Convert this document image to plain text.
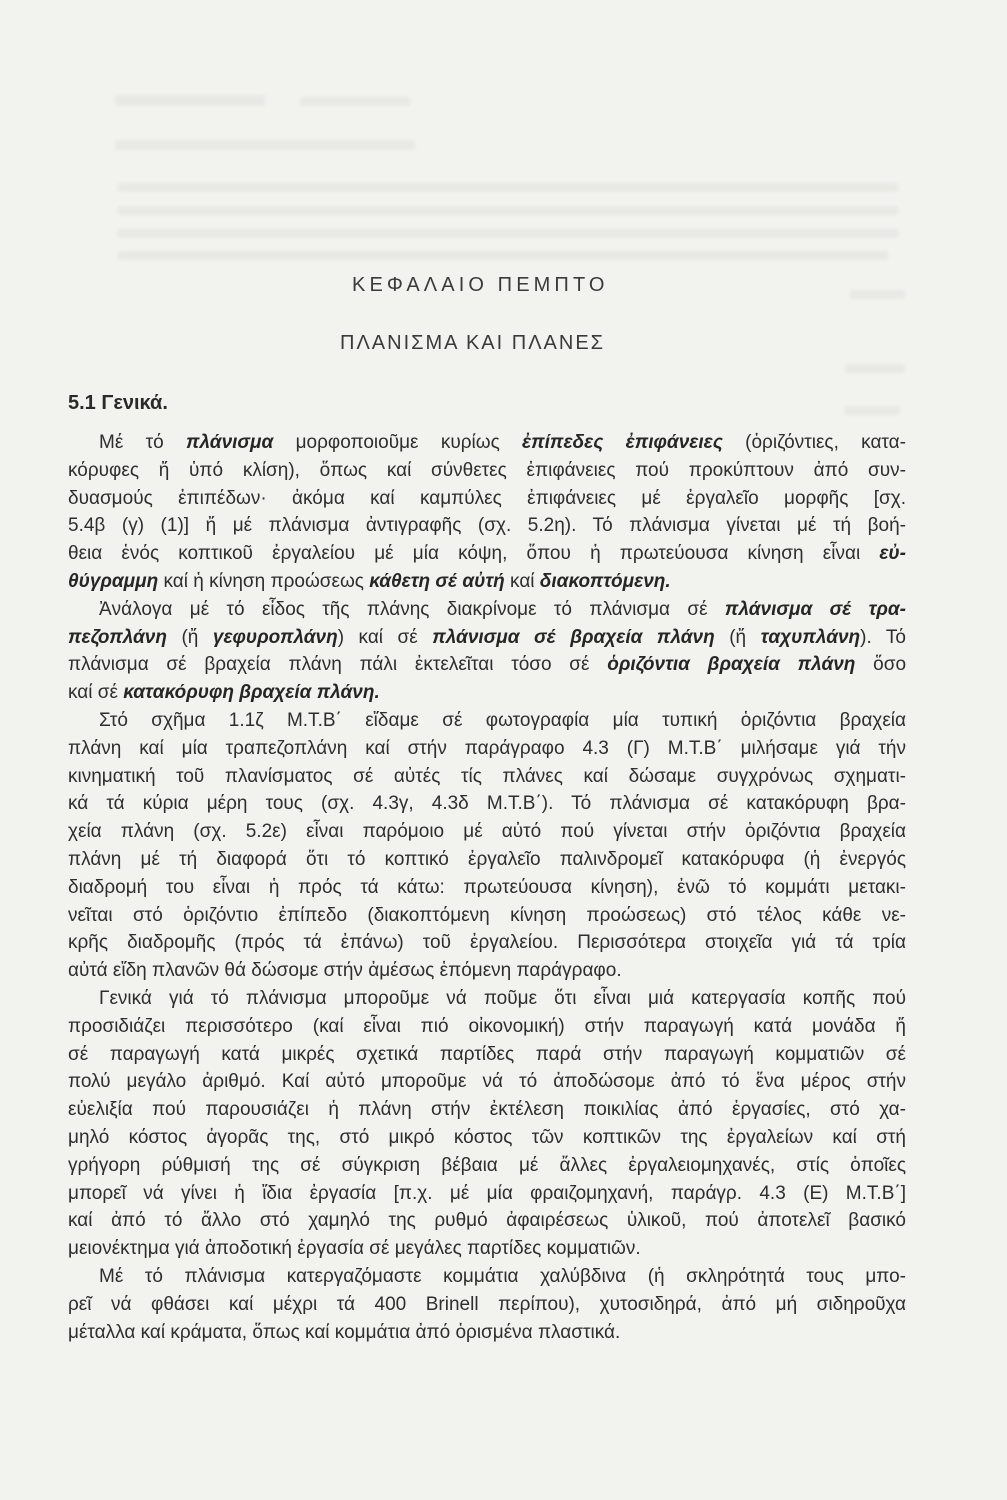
ΚΕΦΑΛΑΙΟ ΠΕΜΠΤΟ
ΠΛΑΝΙΣΜΑ ΚΑΙ ΠΛΑΝΕΣ
5.1 Γενικά.
Μέ τό πλάνισμα μορφοποιοῦμε κυρίως ἐπίπεδες ἐπιφάνειες (ὁριζόντιες, κατα-
κόρυφες ἤ ὑπό κλίση), ὅπως καί σύνθετες ἐπιφάνειες πού προκύπτουν ἀπό συν-
δυασμούς ἐπιπέδων· ἀκόμα καί καμπύλες ἐπιφάνειες μέ ἐργαλεῖο μορφῆς [σχ.
5.4β (γ) (1)] ἤ μέ πλάνισμα ἀντιγραφῆς (σχ. 5.2η). Τό πλάνισμα γίνεται μέ τή βοή-
θεια ἑνός κοπτικοῦ ἐργαλείου μέ μία κόψη, ὅπου ἡ πρωτεύουσα κίνηση εἶναι εὐ-
θύγραμμη καί ἡ κίνηση προώσεως κάθετη σέ αὐτή καί διακοπτόμενη.
Ἀνάλογα μέ τό εἶδος τῆς πλάνης διακρίνομε τό πλάνισμα σέ πλάνισμα σέ τρα-
πεζοπλάνη (ἤ γεφυροπλάνη) καί σέ πλάνισμα σέ βραχεία πλάνη (ἤ ταχυπλάνη). Τό
πλάνισμα σέ βραχεία πλάνη πάλι ἐκτελεῖται τόσο σέ ὁριζόντια βραχεία πλάνη ὅσο
καί σέ κατακόρυφη βραχεία πλάνη.
Στό σχῆμα 1.1ζ Μ.Τ.Β΄ εἴδαμε σέ φωτογραφία μία τυπική ὁριζόντια βραχεία
πλάνη καί μία τραπεζοπλάνη καί στήν παράγραφο 4.3 (Γ) Μ.Τ.Β΄ μιλήσαμε γιά τήν
κινηματική τοῦ πλανίσματος σέ αὐτές τίς πλάνες καί δώσαμε συγχρόνως σχηματι-
κά τά κύρια μέρη τους (σχ. 4.3γ, 4.3δ Μ.Τ.Β΄). Τό πλάνισμα σέ κατακόρυφη βρα-
χεία πλάνη (σχ. 5.2ε) εἶναι παρόμοιο μέ αὐτό πού γίνεται στήν ὁριζόντια βραχεία
πλάνη μέ τή διαφορά ὅτι τό κοπτικό ἐργαλεῖο παλινδρομεῖ κατακόρυφα (ἡ ἐνεργός
διαδρομή του εἶναι ἡ πρός τά κάτω: πρωτεύουσα κίνηση), ἐνῶ τό κομμάτι μετακι-
νεῖται στό ὁριζόντιο ἐπίπεδο (διακοπτόμενη κίνηση προώσεως) στό τέλος κάθε νε-
κρῆς διαδρομῆς (πρός τά ἐπάνω) τοῦ ἐργαλείου. Περισσότερα στοιχεῖα γιά τά τρία
αὐτά εἴδη πλανῶν θά δώσομε στήν ἀμέσως ἑπόμενη παράγραφο.
Γενικά γιά τό πλάνισμα μποροῦμε νά ποῦμε ὅτι εἶναι μιά κατεργασία κοπῆς πού
προσιδιάζει περισσότερο (καί εἶναι πιό οἰκονομική) στήν παραγωγή κατά μονάδα ἤ
σέ παραγωγή κατά μικρές σχετικά παρτίδες παρά στήν παραγωγή κομματιῶν σέ
πολύ μεγάλο ἀριθμό. Καί αὐτό μποροῦμε νά τό ἀποδώσομε ἀπό τό ἕνα μέρος στήν
εὐελιξία πού παρουσιάζει ἡ πλάνη στήν ἐκτέλεση ποικιλίας ἀπό ἐργασίες, στό χα-
μηλό κόστος ἀγορᾶς της, στό μικρό κόστος τῶν κοπτικῶν της ἐργαλείων καί στή
γρήγορη ρύθμισή της σέ σύγκριση βέβαια μέ ἄλλες ἐργαλειομηχανές, στίς ὁποῖες
μπορεῖ νά γίνει ἡ ἴδια ἐργασία [π.χ. μέ μία φραιζομηχανή, παράγρ. 4.3 (Ε) Μ.Τ.Β΄]
καί ἀπό τό ἄλλο στό χαμηλό της ρυθμό ἀφαιρέσεως ὑλικοῦ, πού ἀποτελεῖ βασικό
μειονέκτημα γιά ἀποδοτική ἐργασία σέ μεγάλες παρτίδες κομματιῶν.
Μέ τό πλάνισμα κατεργαζόμαστε κομμάτια χαλύβδινα (ἡ σκληρότητά τους μπο-
ρεῖ νά φθάσει καί μέχρι τά 400 Brinell περίπου), χυτοσιδηρά, ἀπό μή σιδηροῦχα
μέταλλα καί κράματα, ὅπως καί κομμάτια ἀπό ὁρισμένα πλαστικά.
